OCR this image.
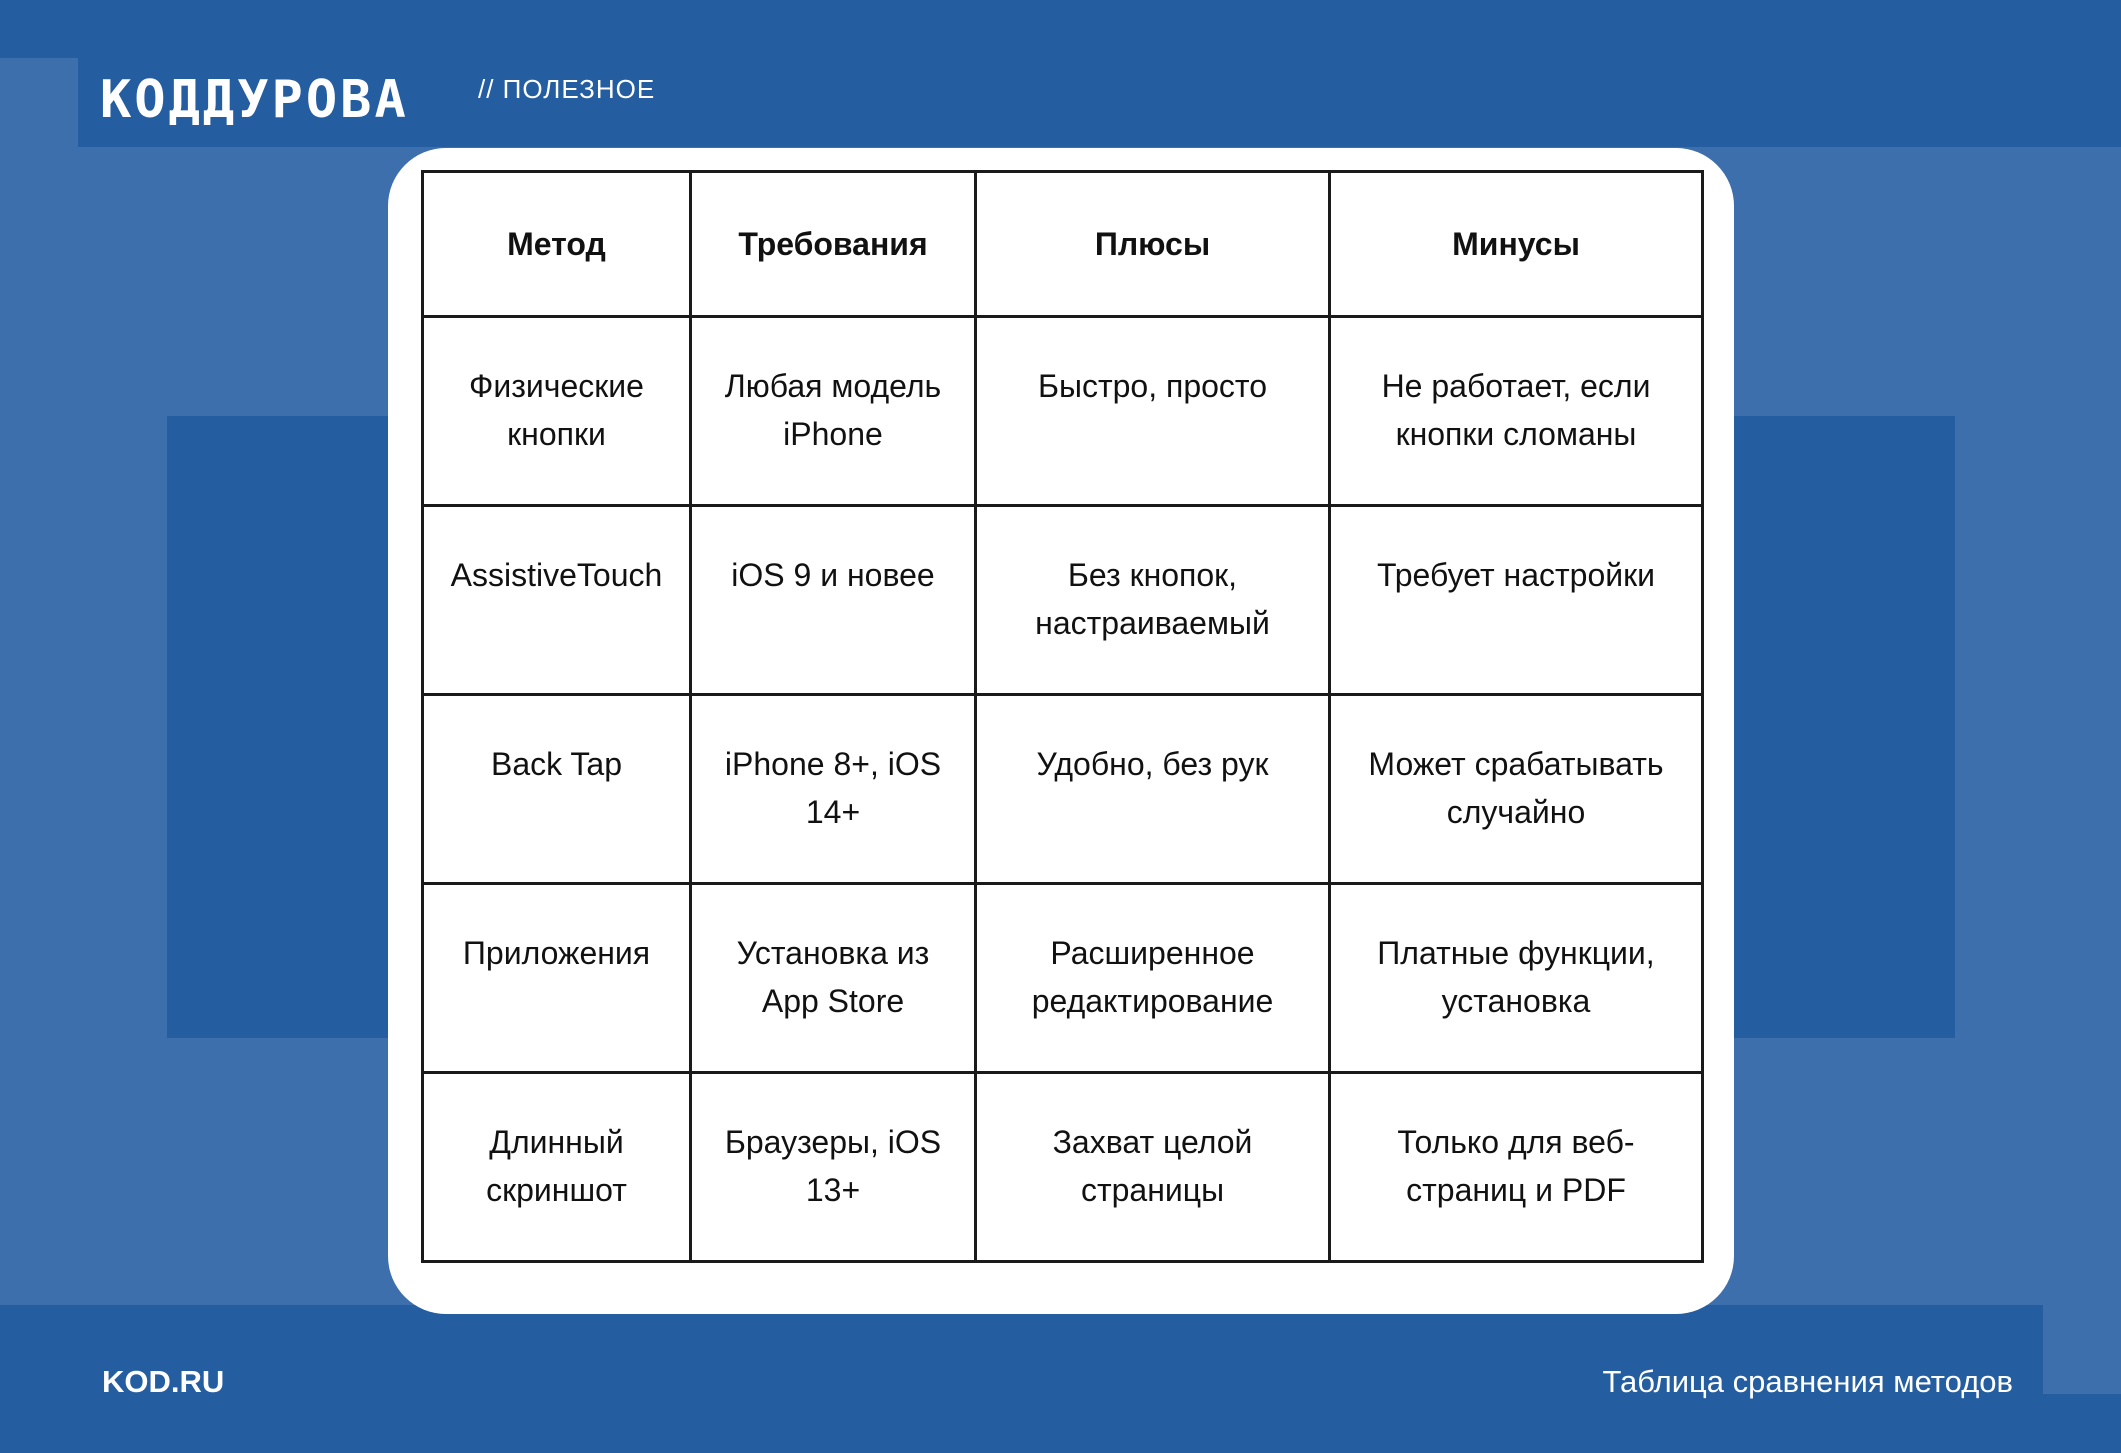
КОДДУРОВА	// ПОЛЕЗНОЕ
Метод	Требования	Плюсы	Минусы
Физические кнопки	Любая модель iPhone	Быстро, просто	Не работает, если кнопки сломаны
AssistiveTouch	iOS 9 и новее	Без кнопок, настраиваемый	Требует настройки
Back Tap	iPhone 8+, iOS 14+	Удобно, без рук	Может срабатывать случайно
Приложения	Установка из App Store	Расширенное редактирование	Платные функции, установка
Длинный скриншот	Браузеры, iOS 13+	Захват целой страницы	Только для веб-страниц и PDF
KOD.RU	Таблица сравнения методов
